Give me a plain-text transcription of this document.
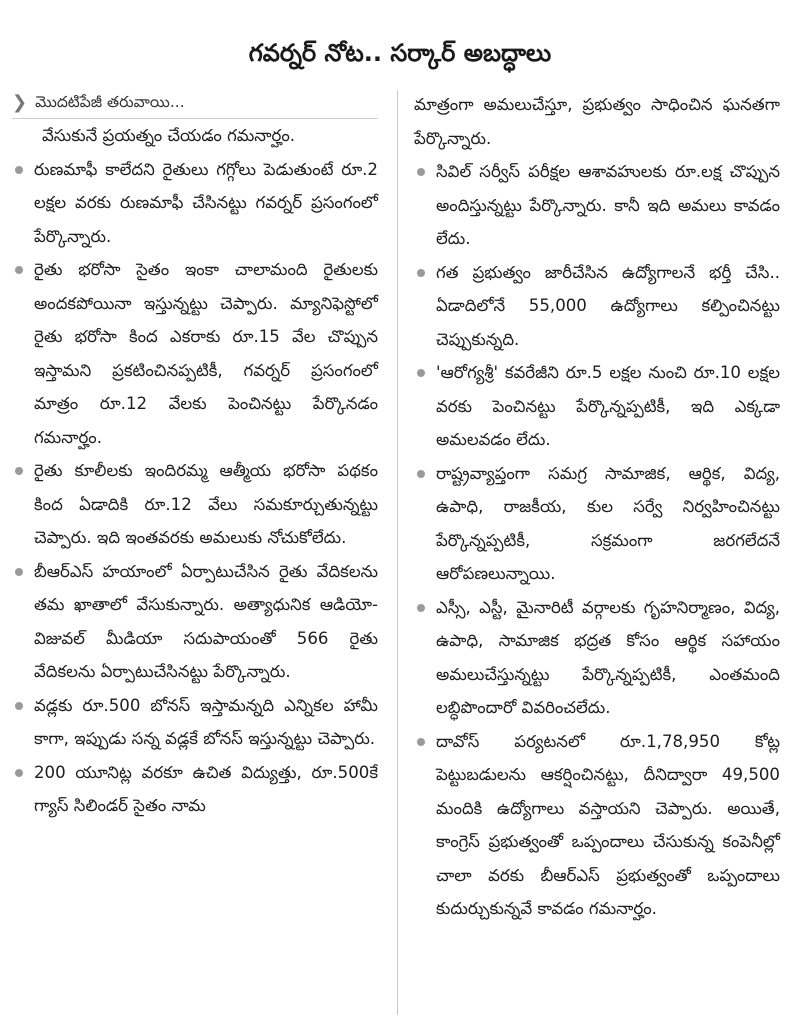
గవర్నర్ నోట.. సర్కార్ అబద్ధాలు
❯ మొదటిపేజీ తరువాయి...

వేసుకునే ప్రయత్నం చేయడం గమనార్హం.

రుణమాఫీ కాలేదని రైతులు గగ్గోలు పెడుతుంటే రూ.2 లక్షల వరకు రుణమాఫీ చేసినట్టు గవర్నర్ ప్రసంగంలో పేర్కొన్నారు.

రైతు భరోసా సైతం ఇంకా చాలామంది రైతులకు అందకపోయినా ఇస్తున్నట్టు చెప్పారు. మ్యానిఫెస్టోలో రైతు భరోసా కింద ఎకరాకు రూ.15 వేల చొప్పున ఇస్తామని ప్రకటించినప్పటికీ, గవర్నర్ ప్రసంగంలో మాత్రం రూ.12 వేలకు పెంచినట్టు పేర్కొనడం గమనార్హం.

రైతు కూలీలకు ఇందిరమ్మ ఆత్మీయ భరోసా పథకం కింద ఏడాదికి రూ.12 వేలు సమకూర్చుతున్నట్టు చెప్పారు. ఇది ఇంతవరకు అమలుకు నోచుకోలేదు.

బీఆర్ఎస్ హయాంలో ఏర్పాటుచేసిన రైతు వేదికలను తమ ఖాతాలో వేసుకున్నారు. అత్యాధునిక ఆడియో-విజువల్ మీడియా సదుపాయంతో 566 రైతు వేదికలను ఏర్పాటుచేసినట్టు పేర్కొన్నారు.

వడ్లకు రూ.500 బోనస్ ఇస్తామన్నది ఎన్నికల హామీ కాగా, ఇప్పుడు సన్న వడ్లకే బోనస్ ఇస్తున్నట్టు చెప్పారు.

200 యూనిట్ల వరకూ ఉచిత విద్యుత్తు, రూ.500కే గ్యాస్ సిలిండర్ సైతం నామ

మాత్రంగా అమలుచేస్తూ, ప్రభుత్వం సాధించిన ఘనతగా పేర్కొన్నారు.

సివిల్ సర్వీస్ పరీక్షల ఆశావహులకు రూ.లక్ష చొప్పున అందిస్తున్నట్టు పేర్కొన్నారు. కానీ ఇది అమలు కావడం లేదు.

గత ప్రభుత్వం జారీచేసిన ఉద్యోగాలనే భర్తీ చేసి.. ఏడాదిలోనే 55,000 ఉద్యోగాలు కల్పించినట్టు చెప్పుకున్నది.

'ఆరోగ్యశ్రీ' కవరేజీని రూ.5 లక్షల నుంచి రూ.10 లక్షల వరకు పెంచినట్టు పేర్కొన్నప్పటికీ, ఇది ఎక్కడా అమలవడం లేదు.

రాష్ట్రవ్యాప్తంగా సమగ్ర సామాజిక, ఆర్థిక, విద్య, ఉపాధి, రాజకీయ, కుల సర్వే నిర్వహించినట్టు పేర్కొన్నప్పటికీ, సక్రమంగా జరగలేదనే ఆరోపణలున్నాయి.

ఎస్సీ, ఎస్టీ, మైనారిటీ వర్గాలకు గృహనిర్మాణం, విద్య, ఉపాధి, సామాజిక భద్రత కోసం ఆర్థిక సహాయం అమలుచేస్తున్నట్టు పేర్కొన్నప్పటికీ, ఎంతమంది లబ్ధిపొందారో వివరించలేదు.

దావోస్ పర్యటనలో రూ.1,78,950 కోట్ల పెట్టుబడులను ఆకర్షించినట్టు, దీనిద్వారా 49,500 మందికి ఉద్యోగాలు వస్తాయని చెప్పారు. అయితే, కాంగ్రెస్ ప్రభుత్వంతో ఒప్పందాలు చేసుకున్న కంపెనీల్లో చాలా వరకు బీఆర్ఎస్ ప్రభుత్వంతో ఒప్పందాలు కుదుర్చుకున్నవే కావడం గమనార్హం.
